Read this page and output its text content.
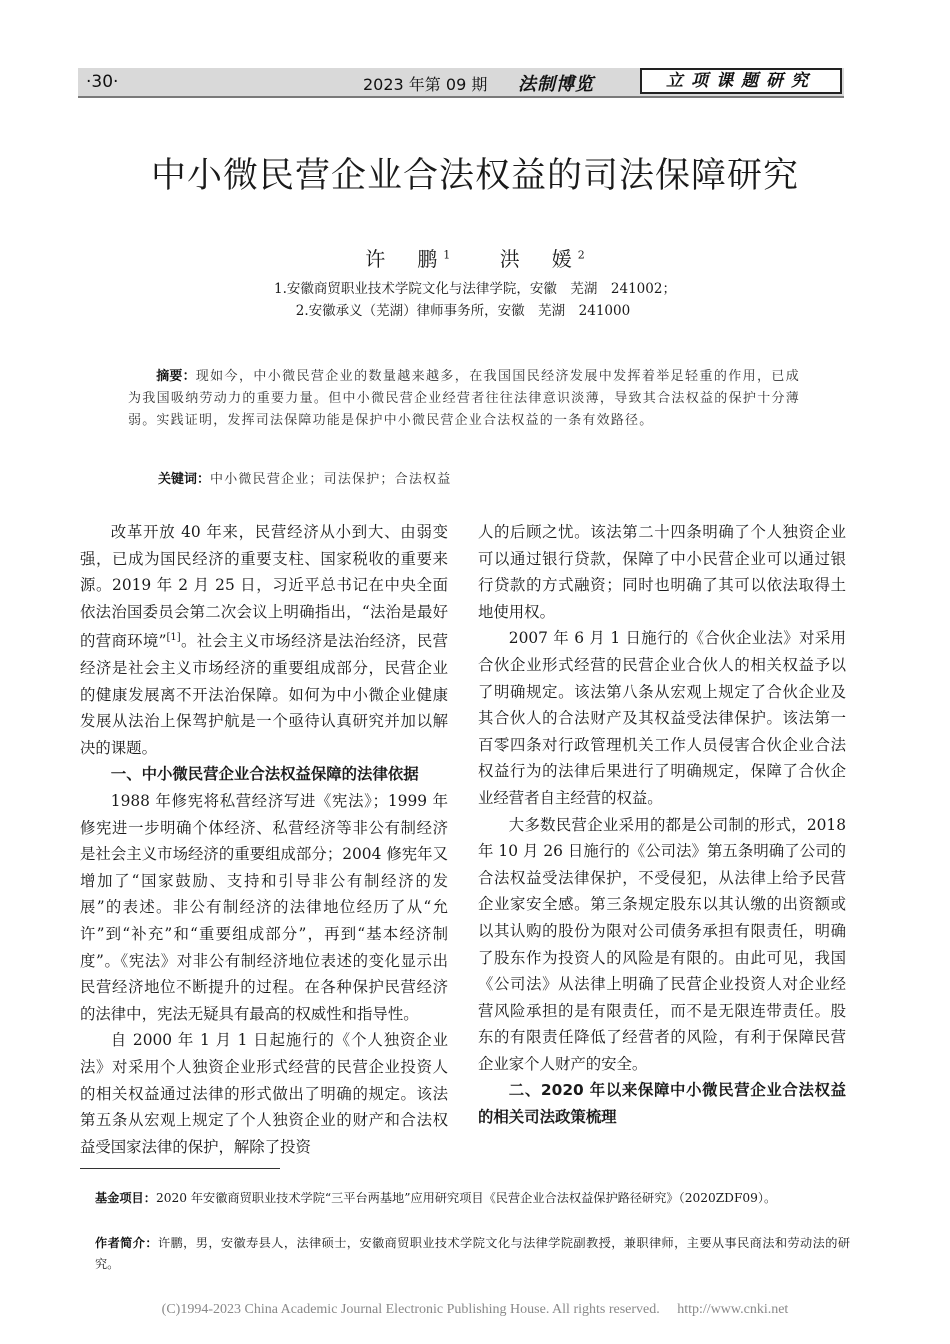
·30·	2023 年第 09 期 法制博览	立项课题研究
中小微民营企业合法权益的司法保障研究
许　鹏$^1$ 洪　媛$^2$
1.安徽商贸职业技术学院文化与法律学院，安徽　芜湖　241002；
2.安徽承义（芜湖）律师事务所，安徽　芜湖　241000
摘要：现如今，中小微民营企业的数量越来越多，在我国国民经济发展中发挥着举足轻重的作用，已成为我国吸纳劳动力的重要力量。但中小微民营企业经营者往往法律意识淡薄，导致其合法权益的保护十分薄弱。实践证明，发挥司法保障功能是保护中小微民营企业合法权益的一条有效路径。
关键词：中小微民营企业；司法保护；合法权益

改革开放 40 年来，民营经济从小到大、由弱变强，已成为国民经济的重要支柱、国家税收的重要来源。2019 年 2 月 25 日，习近平总书记在中央全面依法治国委员会第二次会议上明确指出，“法治是最好的营商环境”[1]。社会主义市场经济是法治经济，民营经济是社会主义市场经济的重要组成部分，民营企业的健康发展离不开法治保障。如何为中小微企业健康发展从法治上保驾护航是一个亟待认真研究并加以解决的课题。

一、中小微民营企业合法权益保障的法律依据

1988 年修宪将私营经济写进《宪法》；1999 年修宪进一步明确个体经济、私营经济等非公有制经济是社会主义市场经济的重要组成部分；2004 修宪年又增加了“国家鼓励、支持和引导非公有制经济的发展”的表述。非公有制经济的法律地位经历了从“允许”到“补充”和“重要组成部分”，再到“基本经济制度”。《宪法》对非公有制经济地位表述的变化显示出民营经济地位不断提升的过程。在各种保护民营经济的法律中，宪法无疑具有最高的权威性和指导性。

自 2000 年 1 月 1 日起施行的《个人独资企业法》对采用个人独资企业形式经营的民营企业投资人的相关权益通过法律的形式做出了明确的规定。该法第五条从宏观上规定了个人独资企业的财产和合法权益受国家法律的保护，解除了投资

人的后顾之忧。该法第二十四条明确了个人独资企业可以通过银行贷款，保障了中小民营企业可以通过银行贷款的方式融资；同时也明确了其可以依法取得土地使用权。

2007 年 6 月 1 日施行的《合伙企业法》对采用合伙企业形式经营的民营企业合伙人的相关权益予以了明确规定。该法第八条从宏观上规定了合伙企业及其合伙人的合法财产及其权益受法律保护。该法第一百零四条对行政管理机关工作人员侵害合伙企业合法权益行为的法律后果进行了明确规定，保障了合伙企业经营者自主经营的权益。

大多数民营企业采用的都是公司制的形式，2018 年 10 月 26 日施行的《公司法》第五条明确了公司的合法权益受法律保护，不受侵犯，从法律上给予民营企业家安全感。第三条规定股东以其认缴的出资额或以其认购的股份为限对公司债务承担有限责任，明确了股东作为投资人的风险是有限的。由此可见，我国《公司法》从法律上明确了民营企业投资人对企业经营风险承担的是有限责任，而不是无限连带责任。股东的有限责任降低了经营者的风险，有利于保障民营企业家个人财产的安全。

二、2020 年以来保障中小微民营企业合法权益的相关司法政策梳理
基金项目：2020 年安徽商贸职业技术学院“三平台两基地”应用研究项目《民营企业合法权益保护路径研究》（2020ZDF09）。
作者简介：许鹏，男，安徽寿县人，法律硕士，安徽商贸职业技术学院文化与法律学院副教授，兼职律师，主要从事民商法和劳动法的研究。
(C)1994-2023 China Academic Journal Electronic Publishing House. All rights reserved.　 http://www.cnki.net
